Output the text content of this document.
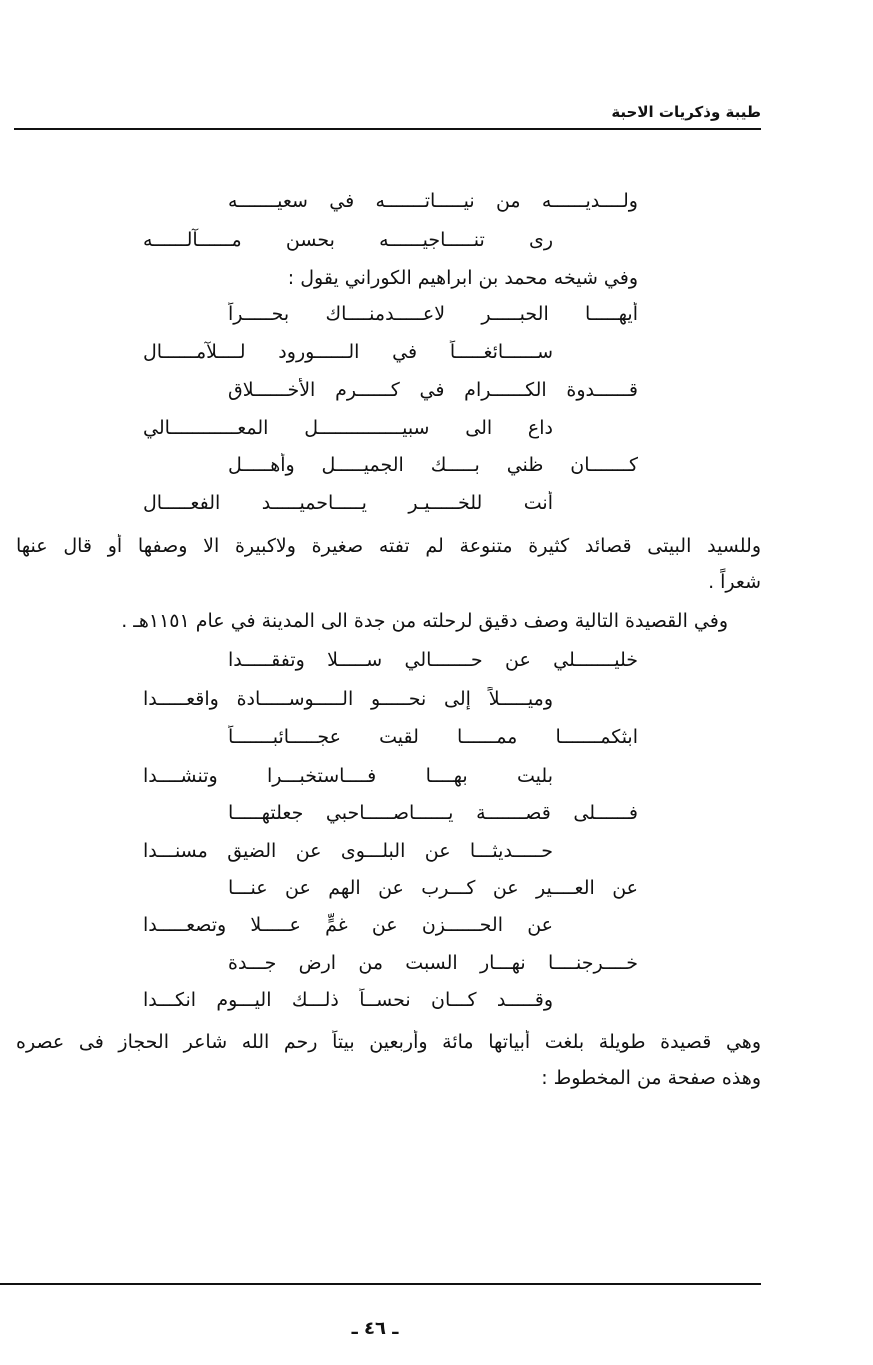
طيبة وذكريات الاحبة
ولــــديــــــه من نيـــــاتـــــــه في سعيـــــــه
رى تنـــــاجيــــــه بحسن مــــــآلــــــه
وفي شيخه محمد بن ابراهيم الكوراني يقول :
أيهـــــا الحبـــــر لاعـــــدمنــــاك بحـــــراً
ســــــائغـــــاً في الــــــورود لــــلآمــــــال
قــــــدوة الكــــــرام في كــــــرم الأخــــــلاق
داع الى سبيـــــــــــــــل المعــــــــــــالي
كـــــــان ظني بـــــك الجميـــــل وأهـــــل
أنت للخـــــيـر يـــــاحميـــــد الفعـــــال
وللسيد البيتى قصائد كثيرة متنوعة لم تفته صغيرة ولاكبيرة الا وصفها أو قال عنها
شعراً .
وفي القصيدة التالية وصف دقيق لرحلته من جدة الى المدينة في عام ١١٥١هـ .
خليـــــــلي عن حـــــــالي ســـــلا وتفقـــــدا
وميـــــلاً إلى نحـــــو الـــــوســـــادة واقعـــــدا
ابثكمـــــــا ممــــــا لقيت عجـــــائبـــــــاً
بليت بهــــا فــــاستخبـــرا وتنشــــدا
فــــــلى قصـــــــة يــــــاصـــــاحبي جعلتهـــــا
حـــــديثـــا عن البلـــوى عن الضيق مسنـــدا
عن العــــير عن كـــرب عن الهم عن عنـــا
عن الحــــــزن عن غمٍّ عـــــلا وتصعـــــدا
خــــرجنــــا نهـــار السبت من ارض جـــدة
وقـــــد كـــان نحســاً ذلـــك اليـــوم انكـــدا
وهي قصيدة طويلة بلغت أبياتها مائة وأربعين بيتاً رحم الله شاعر الحجاز فى عصره
وهذه صفحة من المخطوط :
ـ ٤٦ ـ
